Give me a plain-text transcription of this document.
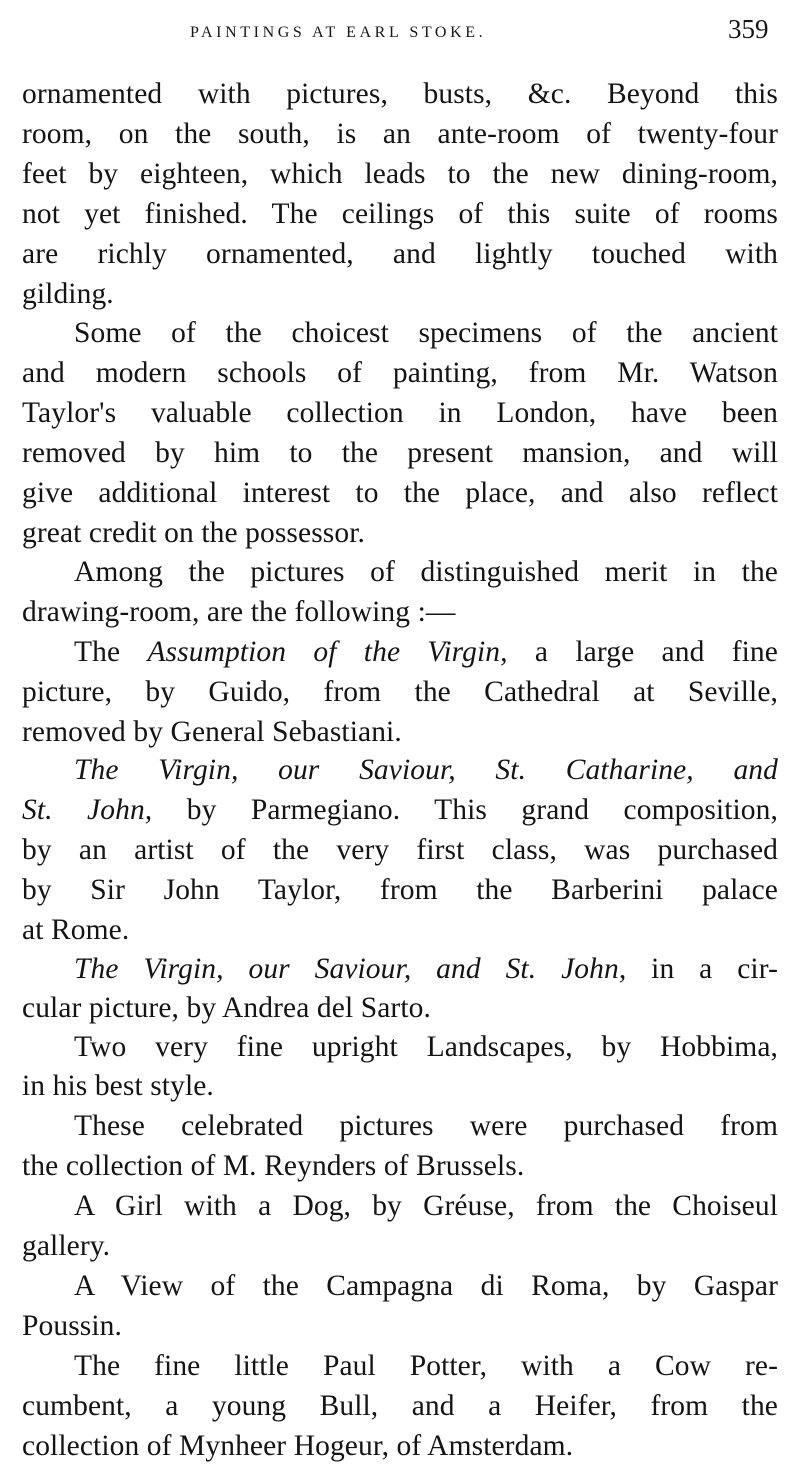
PAINTINGS AT EARL STOKE.	359
ornamented with pictures, busts, &c. Beyond this
room, on the south, is an ante-room of twenty-four
feet by eighteen, which leads to the new dining-room,
not yet finished. The ceilings of this suite of rooms
are richly ornamented, and lightly touched with
gilding.
Some of the choicest specimens of the ancient
and modern schools of painting, from Mr. Watson
Taylor's valuable collection in London, have been
removed by him to the present mansion, and will
give additional interest to the place, and also reflect
great credit on the possessor.
Among the pictures of distinguished merit in the
drawing-room, are the following :—
The Assumption of the Virgin, a large and fine
picture, by Guido, from the Cathedral at Seville,
removed by General Sebastiani.
The Virgin, our Saviour, St. Catharine, and
St. John, by Parmegiano. This grand composition,
by an artist of the very first class, was purchased
by Sir John Taylor, from the Barberini palace
at Rome.
The Virgin, our Saviour, and St. John, in a cir-
cular picture, by Andrea del Sarto.
Two very fine upright Landscapes, by Hobbima,
in his best style.
These celebrated pictures were purchased from
the collection of M. Reynders of Brussels.
A Girl with a Dog, by Gréuse, from the Choiseul
gallery.
A View of the Campagna di Roma, by Gaspar
Poussin.
The fine little Paul Potter, with a Cow re-
cumbent, a young Bull, and a Heifer, from the
collection of Mynheer Hogeur, of Amsterdam.
